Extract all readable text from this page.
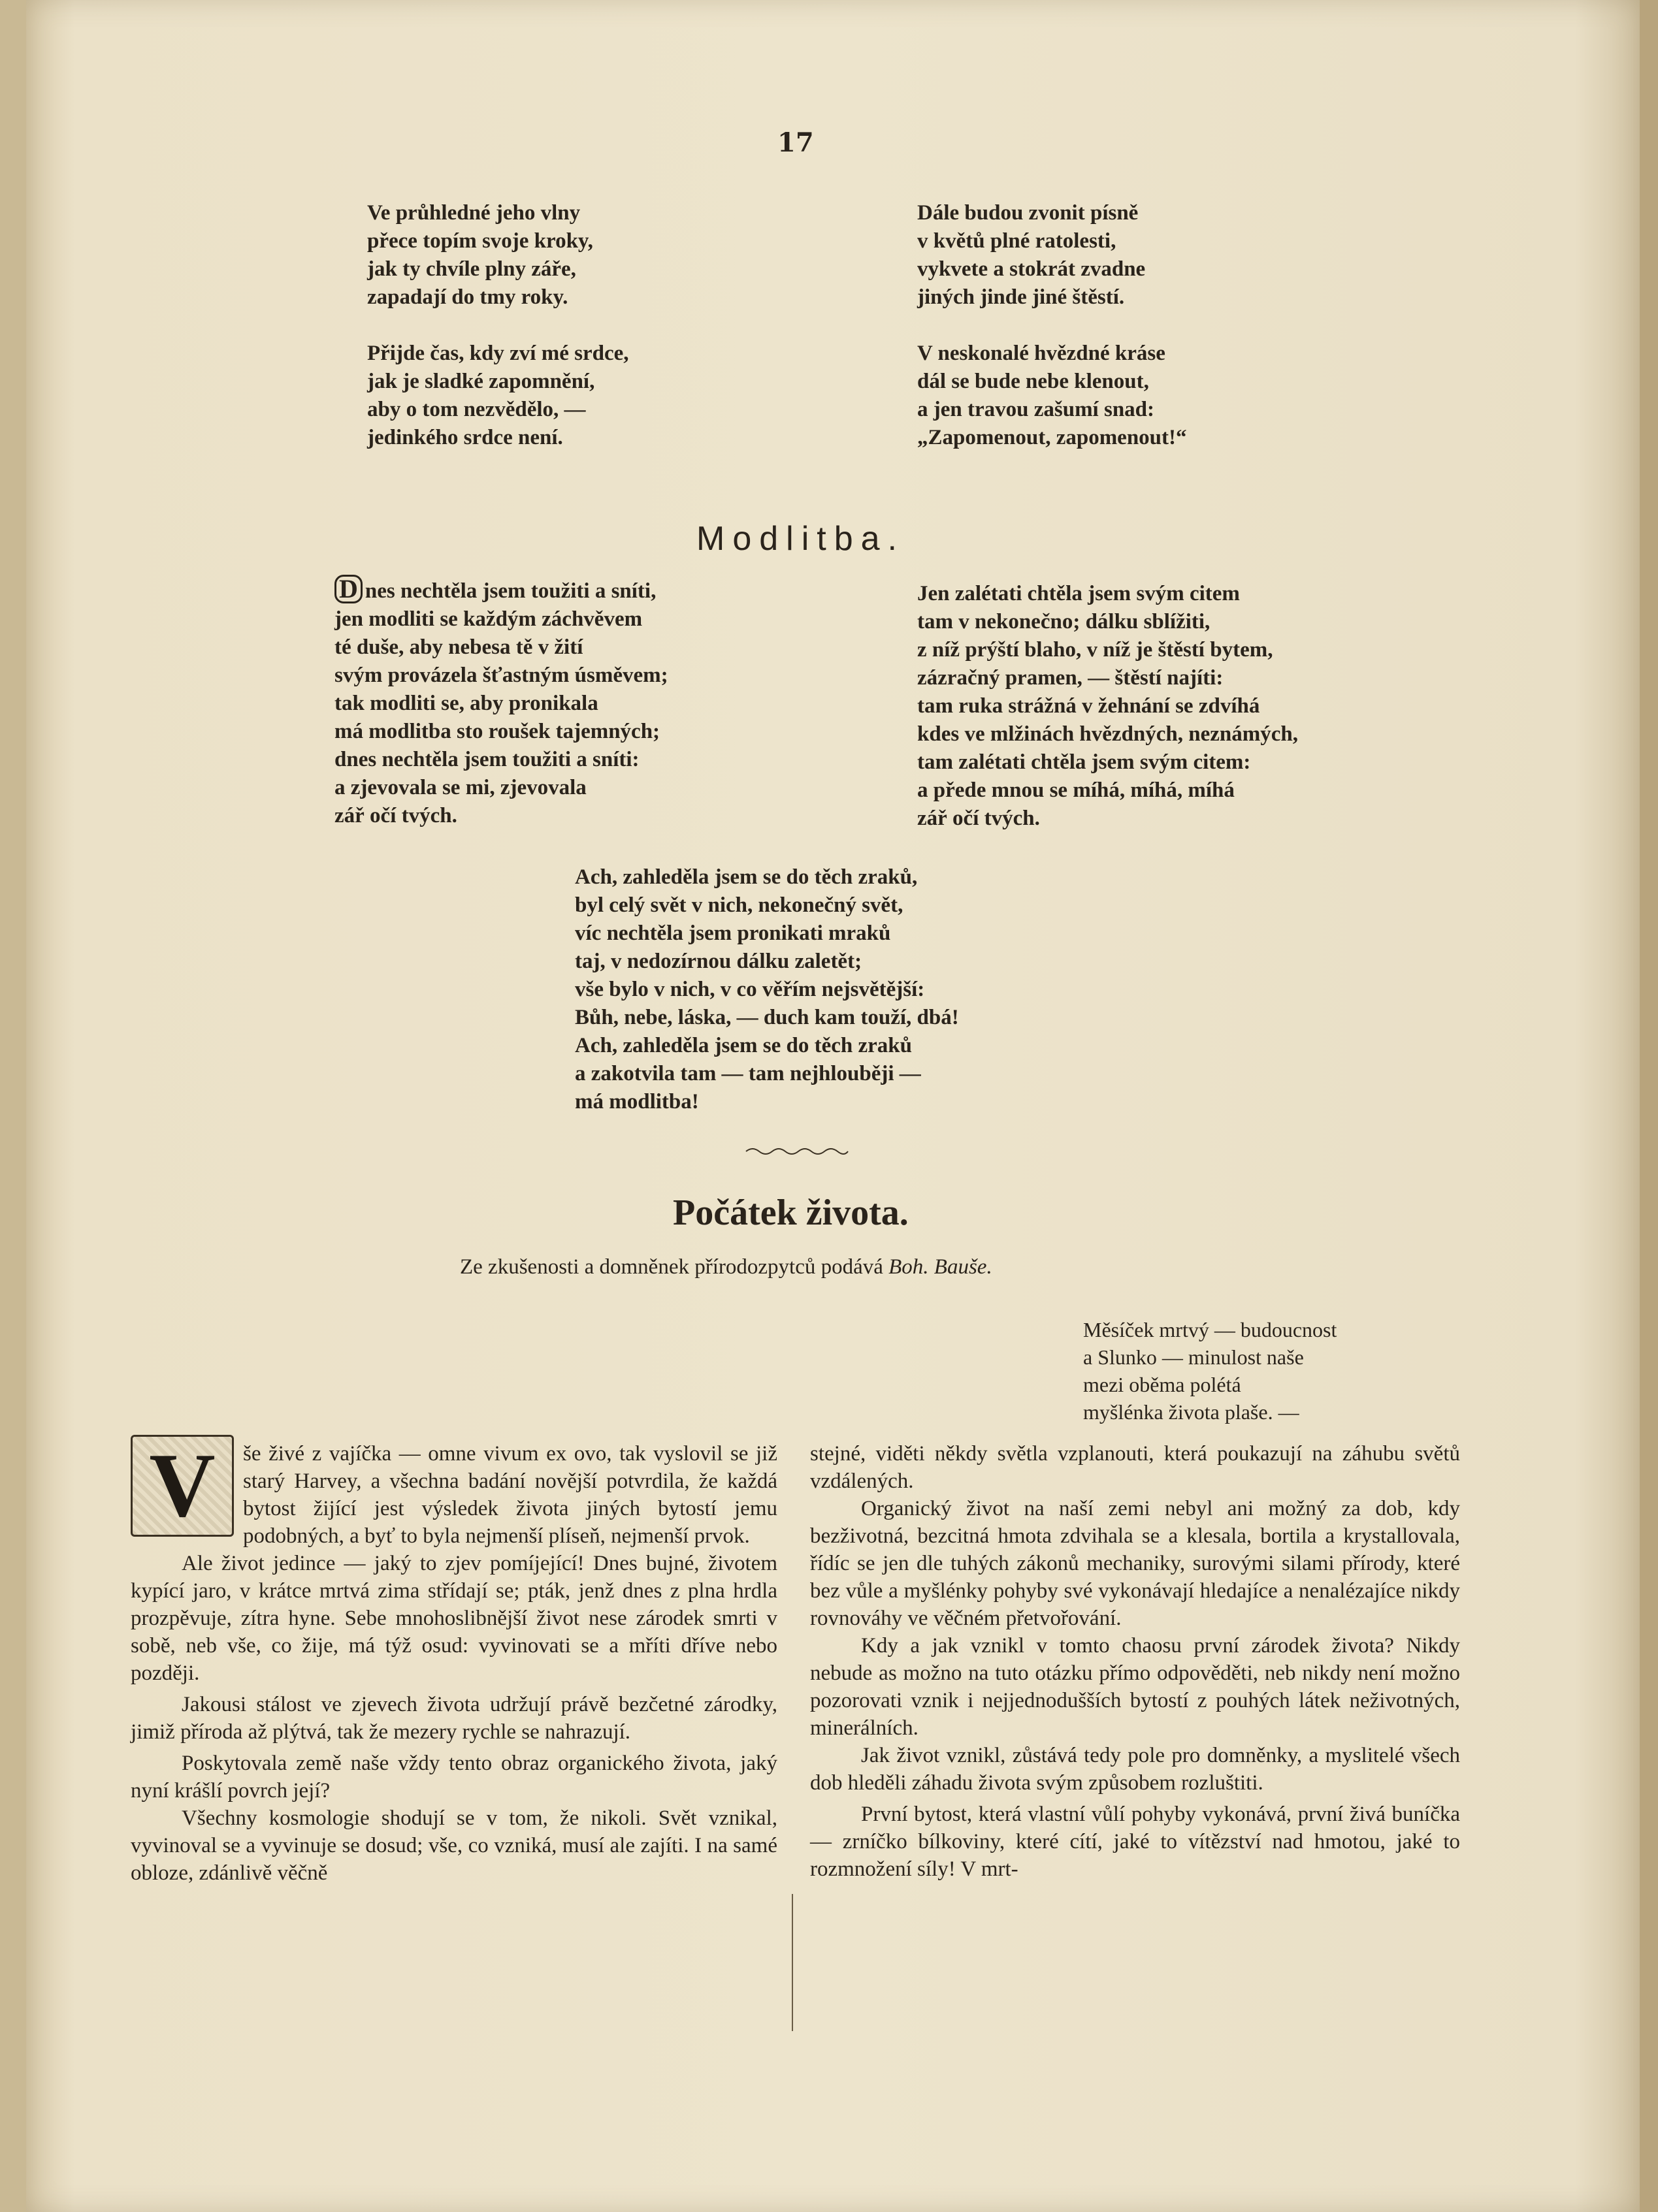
17
Ve průhledné jeho vlny
přece topím svoje kroky,
jak ty chvíle plny záře,
zapadají do tmy roky.
Přijde čas, kdy zví mé srdce,
jak je sladké zapomnění,
aby o tom nezvědělo, —
jedinkého srdce není.
Dále budou zvonit písně
v květů plné ratolesti,
vykvete a stokrát zvadne
jiných jinde jiné štěstí.
V neskonalé hvězdné kráse
dál se bude nebe klenout,
a jen travou zašumí snad:
„Zapomenout, zapomenout!“
Modlitba.
D nes nechtěla jsem toužiti a sníti,
jen modliti se každým záchvěvem
té duše, aby nebesa tě v žití
svým provázela šťastným úsměvem;
tak modliti se, aby pronikala
má modlitba sto roušek tajemných;
dnes nechtěla jsem toužiti a sníti:
a zjevovala se mi, zjevovala
zář očí tvých.
Jen zalétati chtěla jsem svým citem
tam v nekonečno; dálku sblížiti,
z níž prýští blaho, v níž je štěstí bytem,
zázračný pramen, — štěstí najíti:
tam ruka strážná v žehnání se zdvíhá
kdes ve mlžinách hvězdných, neznámých,
tam zalétati chtěla jsem svým citem:
a přede mnou se míhá, míhá, míhá
zář očí tvých.
Ach, zahleděla jsem se do těch zraků,
byl celý svět v nich, nekonečný svět,
víc nechtěla jsem pronikati mraků
taj, v nedozírnou dálku zaletět;
vše bylo v nich, v co věřím nejsvětější:
Bůh, nebe, láska, — duch kam touží, dbá!
Ach, zahleděla jsem se do těch zraků
a zakotvila tam — tam nejhlouběji —
má modlitba!
Počátek života.
Ze zkušenosti a domněnek přírodozpytců podává Boh. Bauše.
Měsíček mrtvý — budoucnost
a Slunko — minulost naše
mezi oběma polétá
myšlénka života plaše. —

V	še živé z vajíčka — omne vivum ex ovo, tak vyslovil se již starý Harvey, a všechna badání novější potvrdila, že každá bytost žijící jest výsledek života jiných bytostí jemu podobných, a byť to byla nejmenší plíseň, nejmenší prvok.

Ale život jedince — jaký to zjev pomíjející! Dnes bujné, životem kypící jaro, v krátce mrtvá zima střídají se; pták, jenž dnes z plna hrdla prozpěvuje, zítra hyne. Sebe mnohoslibnější život nese zárodek smrti v sobě, neb vše, co žije, má týž osud: vyvinovati se a mříti dříve nebo později.

Jakousi stálost ve zjevech života udržují právě bezčetné zárodky, jimiž příroda až plýtvá, tak že mezery rychle se nahrazují.

Poskytovala země naše vždy tento obraz organického života, jaký nyní krášlí povrch její?

Všechny kosmologie shodují se v tom, že nikoli. Svět vznikal, vyvinoval se a vyvinuje se dosud; vše, co vzniká, musí ale zajíti. I na samé obloze, zdánlivě věčně

stejné, viděti někdy světla vzplanouti, která poukazují na záhubu světů vzdálených.

Organický život na naší zemi nebyl ani možný za dob, kdy bezživotná, bezcitná hmota zdvihala se a klesala, bortila a krystallovala, řídíc se jen dle tuhých zákonů mechaniky, surovými silami přírody, které bez vůle a myšlénky pohyby své vykonávají hledajíce a nenalézajíce nikdy rovnováhy ve věčném přetvořování.

Kdy a jak vznikl v tomto chaosu první zárodek života? Nikdy nebude as možno na tuto otázku přímo odpověděti, neb nikdy není možno pozorovati vznik i nejjednodušších bytostí z pouhých látek neživotných, minerálních.

Jak život vznikl, zůstává tedy pole pro domněnky, a myslitelé všech dob hleděli záhadu života svým způsobem rozluštiti.

První bytost, která vlastní vůlí pohyby vykonává, první živá buníčka — zrníčko bílkoviny, které cítí, jaké to vítězství nad hmotou, jaké to rozmnožení síly! V mrt-
